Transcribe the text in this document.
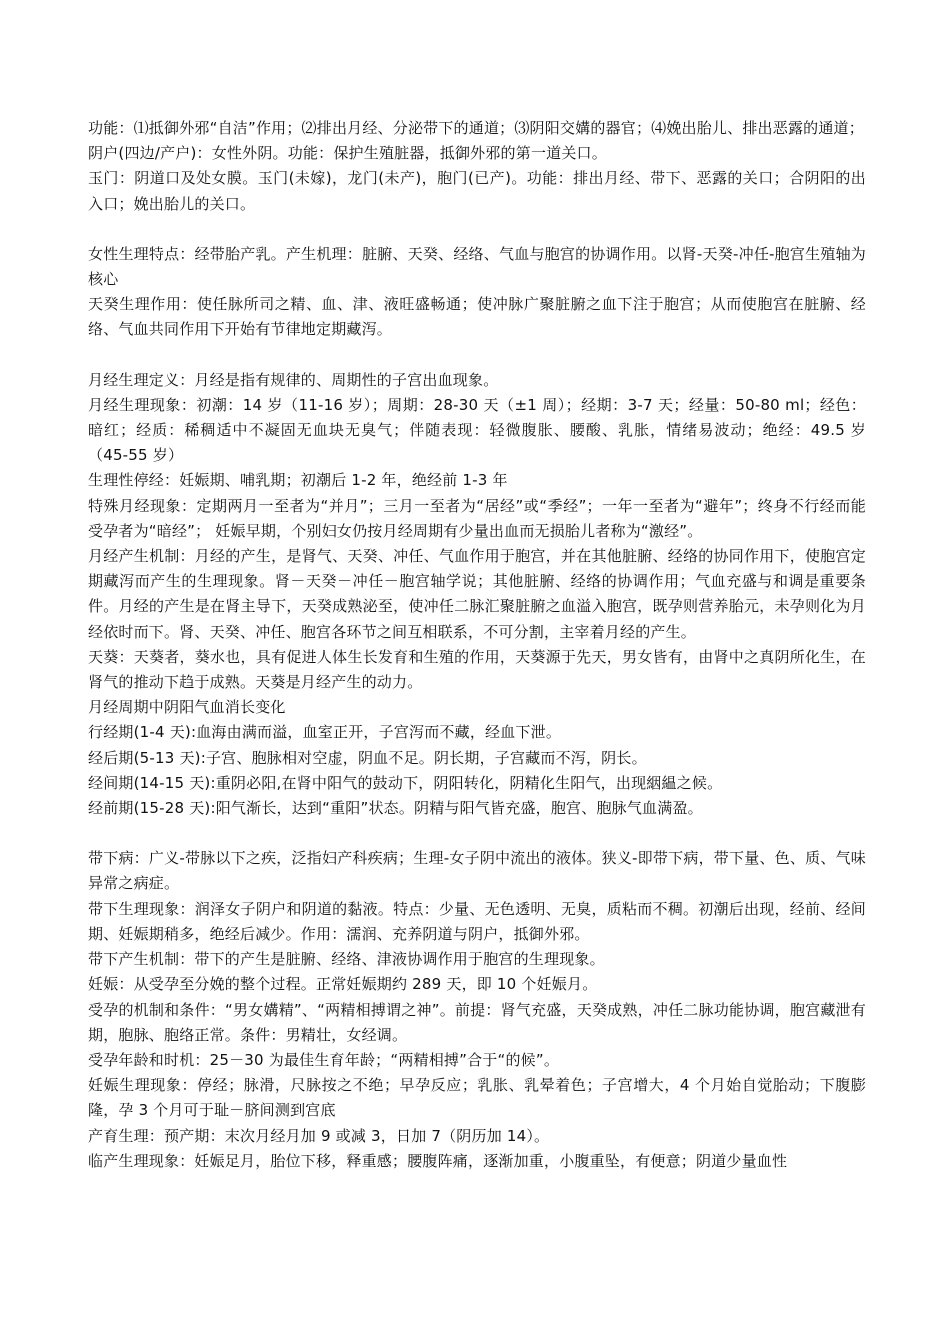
功能：⑴抵御外邪“自洁”作用；⑵排出月经、分泌带下的通道；⑶阴阳交媾的器官；⑷娩出胎儿、排出恶露的通道；

阴户(四边/产户)：女性外阴。功能：保护生殖脏器，抵御外邪的第一道关口。

玉门：阴道口及处女膜。玉门(未嫁)，龙门(未产)，胞门(已产)。功能：排出月经、带下、恶露的关口；合阴阳的出入口；娩出胎儿的关口。

女性生理特点：经带胎产乳。产生机理：脏腑、天癸、经络、气血与胞宫的协调作用。以肾-天癸-冲任-胞宫生殖轴为核心

天癸生理作用：使任脉所司之精、血、津、液旺盛畅通；使冲脉广聚脏腑之血下注于胞宫；从而使胞宫在脏腑、经络、气血共同作用下开始有节律地定期藏泻。

月经生理定义：月经是指有规律的、周期性的子宫出血现象。

月经生理现象：初潮：14 岁（11-16 岁）；周期：28-30 天（±1 周）；经期：3-7 天；经量：50-80 ml；经色：暗红；经质：稀稠适中不凝固无血块无臭气；伴随表现：轻微腹胀、腰酸、乳胀，情绪易波动；绝经：49.5 岁（45-55 岁）

生理性停经：妊娠期、哺乳期；初潮后 1-2 年，绝经前 1-3 年

特殊月经现象：定期两月一至者为“并月”；三月一至者为“居经”或“季经”；一年一至者为“避年”；终身不行经而能受孕者为“暗经”； 妊娠早期，个别妇女仍按月经周期有少量出血而无损胎儿者称为“激经”。

月经产生机制：月经的产生，是肾气、天癸、冲任、气血作用于胞宫，并在其他脏腑、经络的协同作用下，使胞宫定期藏泻而产生的生理现象。肾－天癸－冲任－胞宫轴学说；其他脏腑、经络的协调作用；气血充盛与和调是重要条件。月经的产生是在肾主导下，天癸成熟泌至，使冲任二脉汇聚脏腑之血溢入胞宫，既孕则营养胎元，未孕则化为月经依时而下。肾、天癸、冲任、胞宫各环节之间互相联系，不可分割，主宰着月经的产生。

天葵：天葵者，葵水也，具有促进人体生长发育和生殖的作用，天葵源于先天，男女皆有，由肾中之真阴所化生，在肾气的推动下趋于成熟。天葵是月经产生的动力。

月经周期中阴阳气血消长变化

行经期(1-4 天):血海由满而溢，血室正开，子宫泻而不藏，经血下泄。

经后期(5-13 天):子宫、胞脉相对空虚，阴血不足。阴长期，子宫藏而不泻，阴长。

经间期(14-15 天):重阴必阳,在肾中阳气的鼓动下，阴阳转化，阴精化生阳气，出现絪緼之候。

经前期(15-28 天):阳气渐长，达到“重阳”状态。阴精与阳气皆充盛，胞宫、胞脉气血满盈。

带下病：广义-带脉以下之疾，泛指妇产科疾病；生理-女子阴中流出的液体。狭义-即带下病，带下量、色、质、气味异常之病症。

带下生理现象：润泽女子阴户和阴道的黏液。特点：少量、无色透明、无臭，质粘而不稠。初潮后出现，经前、经间期、妊娠期稍多，绝经后减少。作用：濡润、充养阴道与阴户，抵御外邪。

带下产生机制：带下的产生是脏腑、经络、津液协调作用于胞宫的生理现象。

妊娠：从受孕至分娩的整个过程。正常妊娠期约 289 天，即 10 个妊娠月。

受孕的机制和条件：“男女媾精”、“两精相搏谓之神”。前提：肾气充盛，天癸成熟，冲任二脉功能协调，胞宫藏泄有期，胞脉、胞络正常。条件：男精壮，女经调。

受孕年龄和时机：25－30 为最佳生育年龄；“两精相搏”合于“的候”。

妊娠生理现象：停经；脉滑，尺脉按之不绝；早孕反应；乳胀、乳晕着色；子宫增大，4 个月始自觉胎动；下腹膨隆，孕 3 个月可于耻－脐间测到宫底

产育生理：预产期：末次月经月加 9 或减 3，日加 7（阴历加 14）。

临产生理现象：妊娠足月，胎位下移，释重感；腰腹阵痛，逐渐加重，小腹重坠，有便意；阴道少量血性
